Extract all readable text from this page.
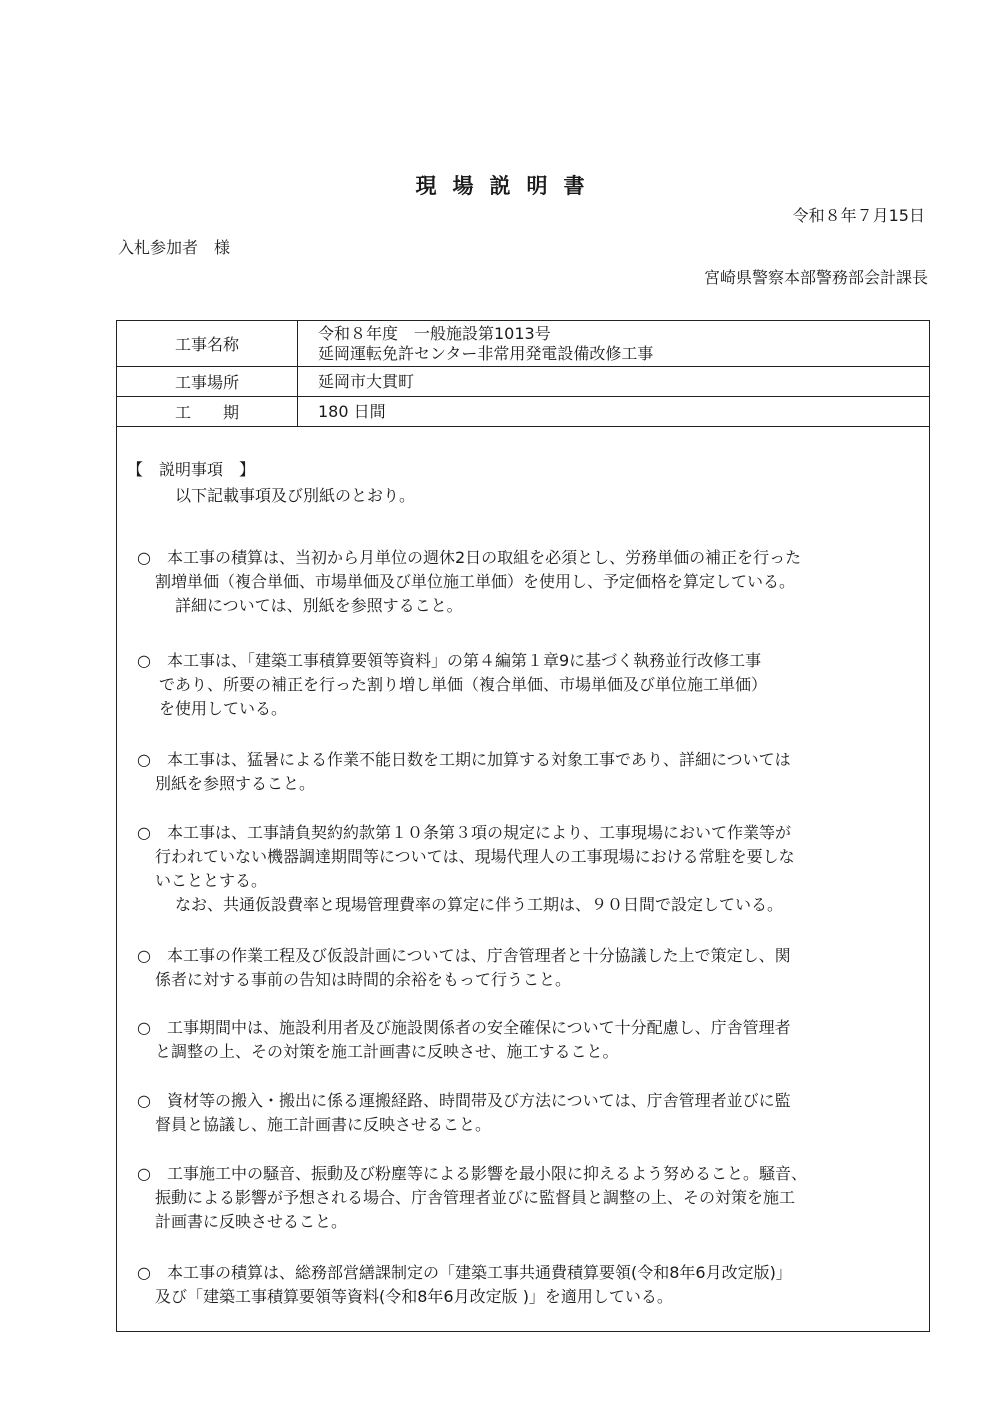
現場説明書
令和８年７月15日
入札参加者　様
宮崎県警察本部警務部会計課長
工事名称	令和８年度　一般施設第1013号
延岡運転免許センター非常用発電設備改修工事

工事場所	延岡市大貫町
工　　期	180 日間
【　説明事項　】
以下記載事項及び別紙のとおり。
○　本工事の積算は、当初から月単位の週休2日の取組を必須とし、労務単価の補正を行った
割増単価（複合単価、市場単価及び単位施工単価）を使用し、予定価格を算定している。
詳細については、別紙を参照すること。
○　本工事は、「建築工事積算要領等資料」の第４編第１章9に基づく執務並行改修工事
であり、所要の補正を行った割り増し単価（複合単価、市場単価及び単位施工単価）
を使用している。
○　本工事は、猛暑による作業不能日数を工期に加算する対象工事であり、詳細については
別紙を参照すること。
○　本工事は、工事請負契約約款第１０条第３項の規定により、工事現場において作業等が
行われていない機器調達期間等については、現場代理人の工事現場における常駐を要しな
いこととする。
なお、共通仮設費率と現場管理費率の算定に伴う工期は、９０日間で設定している。
○　本工事の作業工程及び仮設計画については、庁舎管理者と十分協議した上で策定し、関
係者に対する事前の告知は時間的余裕をもって行うこと。
○　工事期間中は、施設利用者及び施設関係者の安全確保について十分配慮し、庁舎管理者
と調整の上、その対策を施工計画書に反映させ、施工すること。
○　資材等の搬入・搬出に係る運搬経路、時間帯及び方法については、庁舎管理者並びに監
督員と協議し、施工計画書に反映させること。
○　工事施工中の騒音、振動及び粉塵等による影響を最小限に抑えるよう努めること。騒音、
振動による影響が予想される場合、庁舎管理者並びに監督員と調整の上、その対策を施工
計画書に反映させること。
○　本工事の積算は、総務部営繕課制定の「建築工事共通費積算要領(令和8年6月改定版)」
及び「建築工事積算要領等資料(令和8年6月改定版 )」を適用している。
